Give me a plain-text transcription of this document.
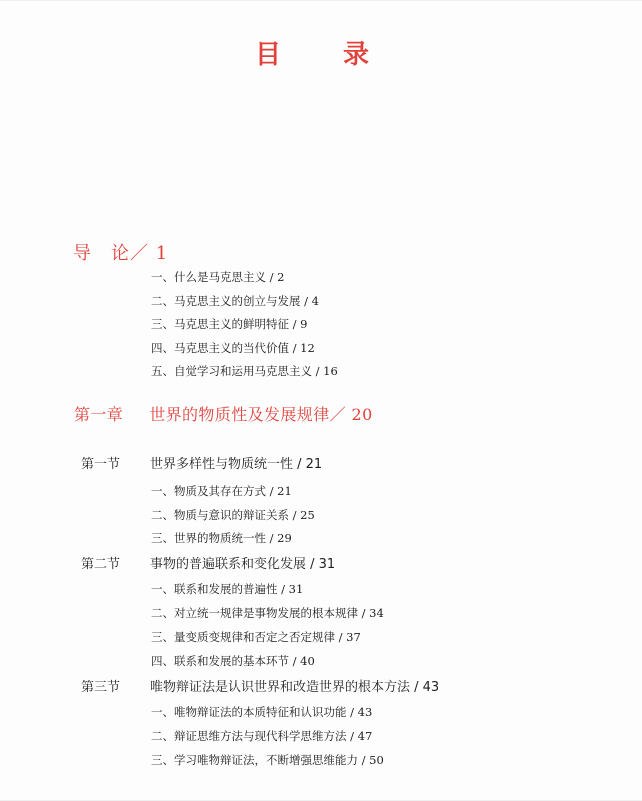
目　录
导　论／ 1
一、什么是马克思主义 / 2
二、马克思主义的创立与发展 / 4
三、马克思主义的鲜明特征 / 9
四、马克思主义的当代价值 / 12
五、自觉学习和运用马克思主义 / 16
第一章 世界的物质性及发展规律／ 20
第一节 世界多样性与物质统一性 / 21
一、物质及其存在方式 / 21
二、物质与意识的辩证关系 / 25
三、世界的物质统一性 / 29
第二节 事物的普遍联系和变化发展 / 31
一、联系和发展的普遍性 / 31
二、对立统一规律是事物发展的根本规律 / 34
三、量变质变规律和否定之否定规律 / 37
四、联系和发展的基本环节 / 40
第三节 唯物辩证法是认识世界和改造世界的根本方法 / 43
一、唯物辩证法的本质特征和认识功能 / 43
二、辩证思维方法与现代科学思维方法 / 47
三、学习唯物辩证法，不断增强思维能力 / 50
